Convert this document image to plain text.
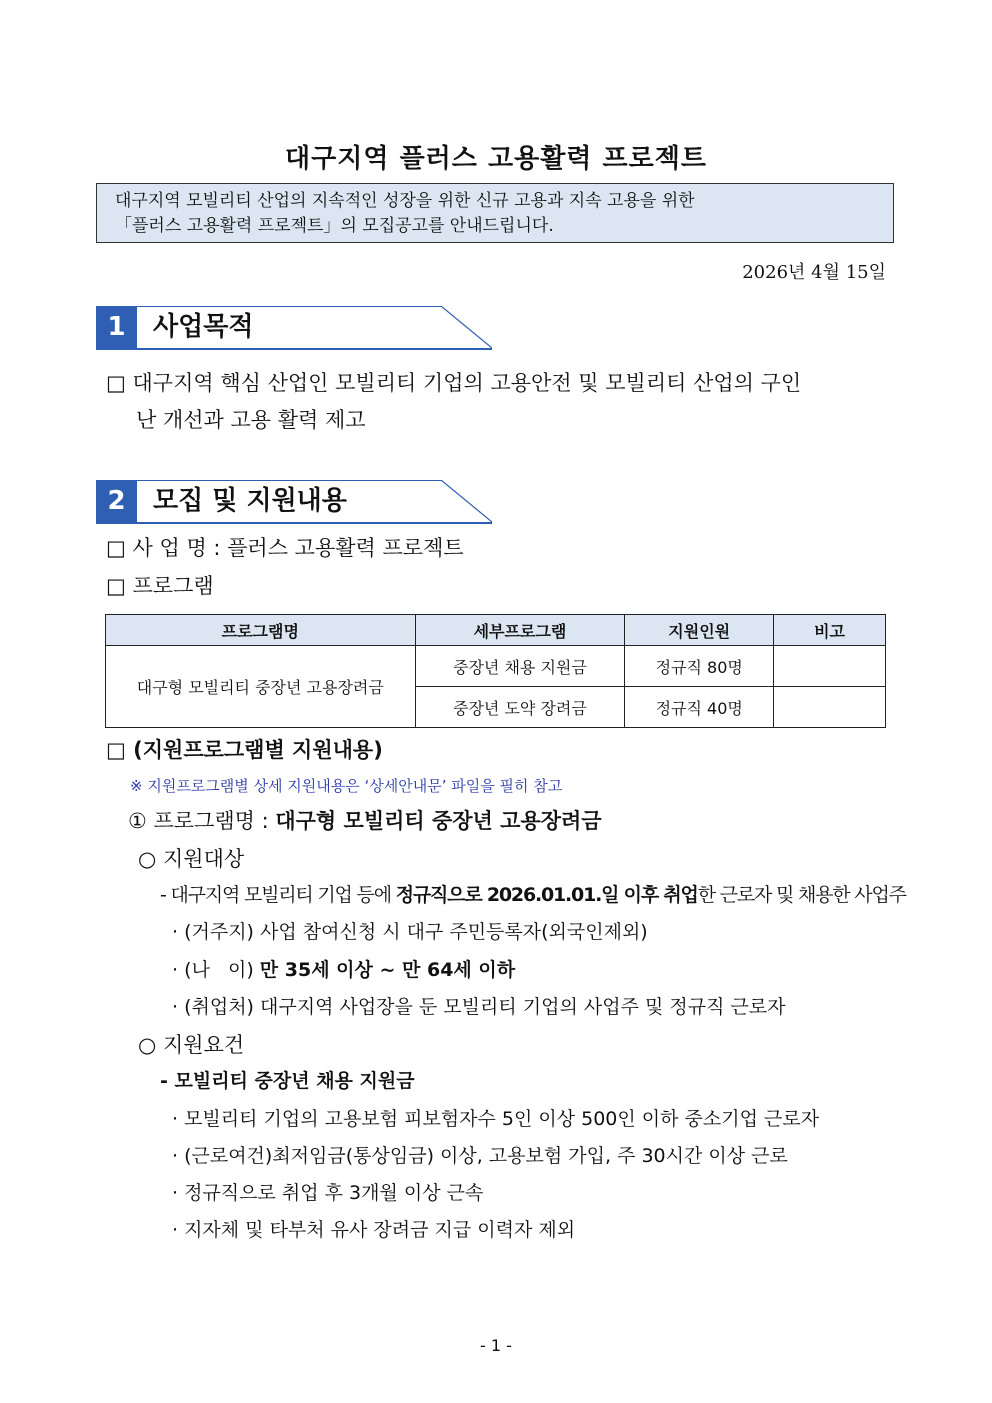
대구지역 플러스 고용활력 프로젝트
대구지역 모빌리티 산업의 지속적인 성장을 위한 신규 고용과 지속 고용을 위한
「플러스 고용활력 프로젝트」의 모집공고를 안내드립니다.
2026년 4월 15일
1	사업목적
□ 대구지역 핵심 산업인 모빌리티 기업의 고용안전 및 모빌리티 산업의 구인
난 개선과 고용 활력 제고
2	모집 및 지원내용
□ 사 업 명 : 플러스 고용활력 프로젝트
□ 프로그램
프로그램명	세부프로그램	지원인원	비고
대구형 모빌리티 중장년 고용장려금	중장년 채용 지원금	정규직 80명	
	중장년 도약 장려금	정규직 40명	
□ (지원프로그램별 지원내용)
※ 지원프로그램별 상세 지원내용은 ‘상세안내문’ 파일을 필히 참고
① 프로그램명 : 대구형 모빌리티 중장년 고용장려금
○ 지원대상
- 대구지역 모빌리티 기업 등에 정규직으로 2026.01.01.일 이후 취업한 근로자 및 채용한 사업주
· (거주지) 사업 참여신청 시 대구 주민등록자(외국인제외)
· (나   이) 만 35세 이상 ~ 만 64세 이하
· (취업처) 대구지역 사업장을 둔 모빌리티 기업의 사업주 및 정규직 근로자
○ 지원요건
- 모빌리티 중장년 채용 지원금
· 모빌리티 기업의 고용보험 피보험자수 5인 이상 500인 이하 중소기업 근로자
· (근로여건)최저임금(통상임금) 이상, 고용보험 가입, 주 30시간 이상 근로
· 정규직으로 취업 후 3개월 이상 근속
· 지자체 및 타부처 유사 장려금 지급 이력자 제외
- 1 -
